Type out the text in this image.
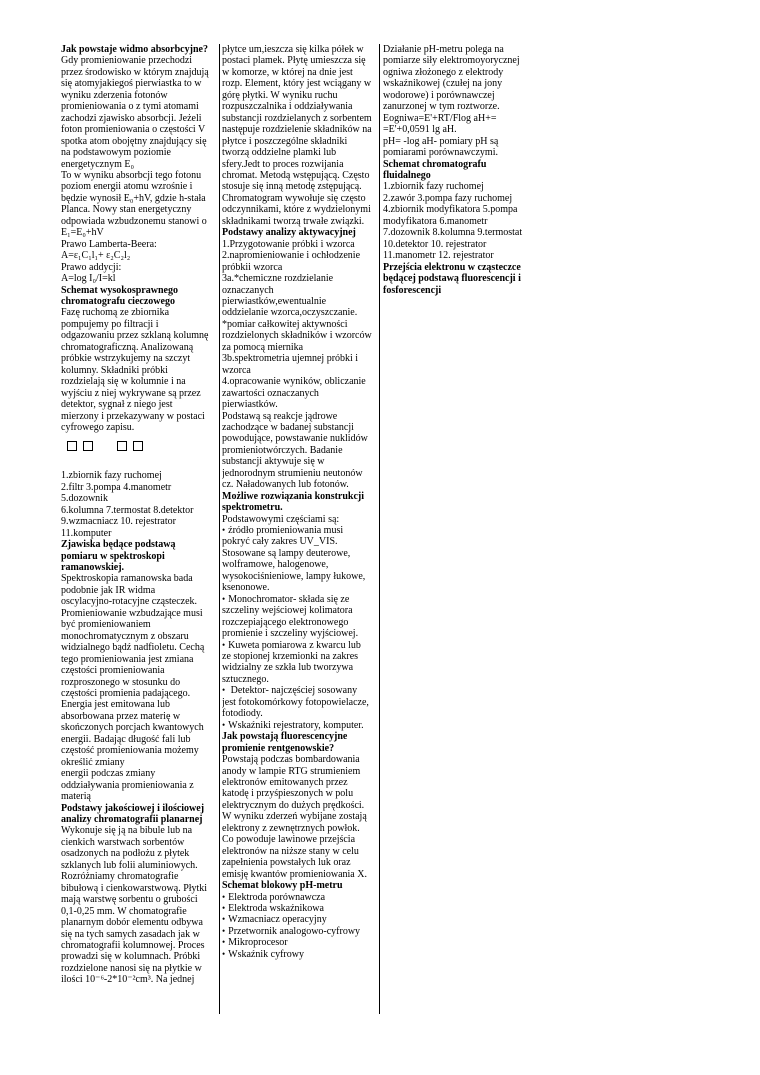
Jak powstaje widmo absorbcyjne?
Gdy promieniowanie przechodzi
przez środowisko w którym znajdują
się atomyjakiegoś pierwiastka to w
wyniku zderzenia fotonów
promieniowania o z tymi atomami
zachodzi zjawisko absorbcji. Jeżeli
foton promieniowania o częstości V
spotka atom obojętny znajdujący się
na podstawowym poziomie
energetycznym E₀
To w wyniku absorbcji tego fotonu
poziom energii atomu wzrośnie i
będzie wynosił E₀+hV, gdzie h-stała
Planca. Nowy stan energetyczny
odpowiada wzbudzonemu stanowi o
E₁=E₀+hV
Prawo Lamberta-Beera:
A=ε₁C₁l₁+ ε₂C₂l₂
Prawo addycji:
A=log I₀/I=kl
Schemat wysokosprawnego
chromatografu cieczowego
Fazę ruchomą ze zbiornika
pompujemy po filtracji i
odgazowaniu przez szklaną kolumnę
chromatograficzną. Analizowaną
próbkie wstrzykujemy na szczyt
kolumny. Składniki próbki
rozdzielają się w kolumnie i na
wyjściu z niej wykrywane są przez
detektor, sygnał z niego jest
mierzony i przekazywany w postaci
cyfrowego zapisu.
1.zbiornik fazy ruchomej
2.filtr 3.pompa 4.manometr
5.dozownik
6.kolumna 7.termostat 8.detektor
9.wzmacniacz 10. rejestrator
11.komputer
Zjawiska będące podstawą
pomiaru w spektroskopi
ramanowskiej.
Spektroskopia ramanowska bada
podobnie jak IR widma
oscylacyjno-rotacyjne cząsteczek.
Promieniowanie wzbudzające musi
być promieniowaniem
monochromatycznym z obszaru
widzialnego bądź nadfioletu. Cechą
tego promieniowania jest zmiana
częstości promieniowania
rozproszonego w stosunku do
częstości promienia padającego.
Energia jest emitowana lub
absorbowana przez materię w
skończonych porcjach kwantowych
energii. Badając długość fali lub
częstość promieniowania możemy
określić zmiany
energii podczas zmiany
oddziaływania promieniowania z
materią
Podstawy jakościowej i ilościowej
analizy chromatografii planarnej
Wykonuje się ją na bibule lub na
cienkich warstwach sorbentów
osadzonych na podłożu z płytek
szklanych lub folii aluminiowych.
Rozróżniamy chromatografie
bibułową i cienkowarstwową. Płytki
mają warstwę sorbentu o grubości
0,1-0,25 mm. W chomatografie
planarnym dobór elementu odbywa
się na tych samych zasadach jak w
chromatografii kolumnowej. Proces
prowadzi się w kolumnach. Próbki
rozdzielone nanosi się na płytkie w
ilości 10⁻⁶-2*10⁻²cm³. Na jednej
płytce um,ieszcza się kilka półek w
postaci plamek. Płytę umieszcza się
w komorze, w której na dnie jest
rozp. Element, który jest wciągany w
górę płytki. W wyniku ruchu
rozpuszczalnika i oddziaływania
substancji rozdzielanych z sorbentem
następuje rozdzielenie składników na
płytce i poszczególne składniki
tworzą oddzielne plamki lub
sfery.Jedt to proces rozwijania
chromat. Metodą wstępującą. Często
stosuje się inną metodę zstępującą.
Chromatogram wywołuje się często
odczynnikami, które z wydzielonymi
składnikami tworzą trwałe związki.
Podstawy analizy aktywacyjnej
1.Przygotowanie próbki i wzorca
2.napromieniowanie i ochłodzenie
próbkii wzorca
3a.*chemiczne rozdzielanie
oznaczanych
pierwiastków,ewentualnie
oddzielanie wzorca,oczyszczanie.
*pomiar całkowitej aktywności
rozdzielonych składników i wzorców
za pomocą miernika
3b.spektrometria ujemnej próbki i
wzorca
4.opracowanie wyników, obliczanie
zawartości oznaczanych
pierwiastków.
Podstawą są reakcje jądrowe
zachodzące w badanej substancji
powodujące, powstawanie nuklidów
promieniotwórczych. Badanie
substancji aktywuje się w
jednorodnym strumieniu neutonów
cz. Naładowanych lub fotonów.
Możliwe rozwiązania konstrukcji
spektrometru.
Podstawowymi częściami są:
• źródło promieniowania musi
pokryć cały zakres UV_VIS.
Stosowane są lampy deuterowe,
wolframowe, halogenowe,
wysokociśnieniowe, lampy łukowe,
ksenonowe.
• Monochromator- składa się ze
szczeliny wejściowej kolimatora
rozczepiającego elektronowego
promienie i szczeliny wyjściowej.
• Kuweta pomiarowa z kwarcu lub
ze stopionej krzemionki na zakres
widzialny ze szkła lub tworzywa
sztucznego.
• Detektor- najczęściej sosowany
jest fotokomórkowy fotopowielacze,
fotodiody.
• Wskaźniki rejestratory, komputer.
Jak powstają fluorescencyjne
promienie rentgenowskie?
Powstają podczas bombardowania
anody w lampie RTG strumieniem
elektronów emitowanych przez
katodę i przyśpieszonych w polu
elektrycznym do dużych prędkości.
W wyniku zderzeń wybijane zostają
elektrony z zewnętrznych powłok.
Co powoduje lawinowe przejścia
elektronów na niższe stany w celu
zapełnienia powstałych luk oraz
emisję kwantów promieniowania X.
Schemat blokowy pH-metru
• Elektroda porównawcza
• Elektroda wskaźnikowa
• Wzmacniacz operacyjny
• Przetwornik analogowo-cyfrowy
• Mikroprocesor
• Wskaźnik cyfrowy
Działanie pH-metru polega na
pomiarze siły elektromoyorycznej
ogniwa złożonego z elektrody
wskaźnikowej (czułej na jony
wodorowe) i porównawczej
zanurzonej w tym roztworze.
Eogniwa=E'+RT/Flog aH+=
=E'+0,0591 lg aH.
pH= -log aH- pomiary pH są
pomiarami porównawczymi.
Schemat chromatografu
fluidalnego
1.zbiornik fazy ruchomej
2.zawór 3.pompa fazy ruchomej
4.zbiornik modyfikatora 5.pompa
modyfikatora 6.manometr
7.dozownik 8.kolumna 9.termostat
10.detektor 10. rejestrator
11.manometr 12. rejestrator
Przejścia elektronu w cząsteczce
będącej podstawą fluorescencji i
fosforescencji
